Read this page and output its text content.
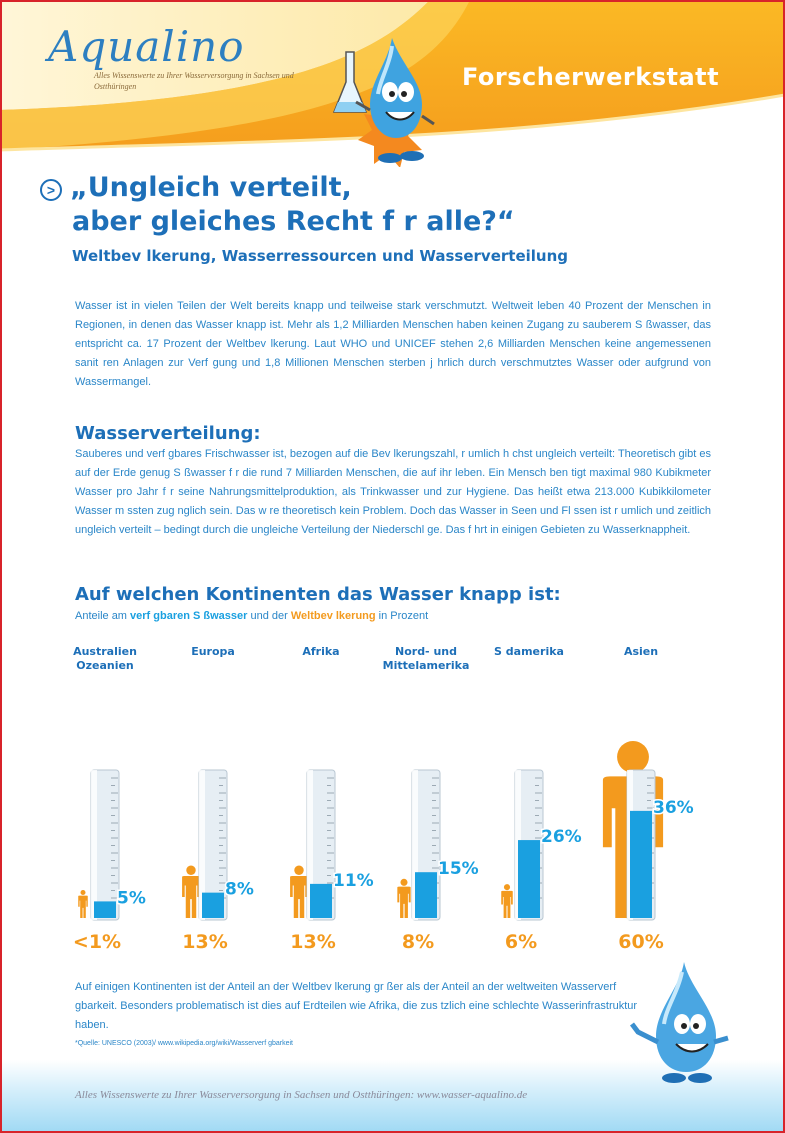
Aqualino
Alles Wissenswerte zu Ihrer Wasserversorgung in Sachsen und Ostthüringen	Forscherwerkstatt
> „Ungleich verteilt,
aber gleiches Recht f r alle?“
Weltbev lkerung, Wasserressourcen und Wasserverteilung
Wasser ist in vielen Teilen der Welt bereits knapp und teilweise stark verschmutzt. Weltweit leben 40 Prozent der Menschen in Regionen, in denen das Wasser knapp ist. Mehr als 1,2 Milliarden Menschen haben keinen Zugang zu sauberem S ßwasser, das entspricht ca. 17 Prozent der Weltbev lkerung. Laut WHO und UNICEF stehen 2,6 Milliarden Menschen keine angemessenen sanit ren Anlagen zur Verf gung und 1,8 Millionen Menschen sterben j hrlich durch verschmutztes Wasser oder aufgrund von Wassermangel.
Wasserverteilung:
Sauberes und verf gbares Frischwasser ist, bezogen auf die Bev lkerungszahl, r umlich h chst ungleich verteilt: Theoretisch gibt es auf der Erde genug S ßwasser f r die rund 7 Milliarden Menschen, die auf ihr leben. Ein Mensch ben tigt maximal 980 Kubikmeter Wasser pro Jahr f r seine Nahrungsmittelproduktion, als Trinkwasser und zur Hygiene. Das heißt etwa 213.000 Kubikkilometer Wasser m ssten zug nglich sein. Das w re theoretisch kein Problem. Doch das Wasser in Seen und Fl ssen ist r umlich und zeitlich ungleich verteilt – bedingt durch die ungleiche Verteilung der Niederschl ge. Das f hrt in einigen Gebieten zu Wasserknappheit.
Auf welchen Kontinenten das Wasser knapp ist:
Anteile am verf gbaren S ßwasser und der Weltbev lkerung in Prozent
Australien Ozeanien
Europa	Afrika	Nord- und Mittelamerika
S damerika	Asien
5%
<1%
8%
13%
11%
13%
15%
8%
26%
6%
36%
60%
Auf einigen Kontinenten ist der Anteil an der Weltbev lkerung gr ßer als der Anteil an der weltweiten Wasserverf gbarkeit. Besonders problematisch ist dies auf Erdteilen wie Afrika, die zus tzlich eine schlechte Wasserinfrastruktur haben.
*Quelle: UNESCO (2003)/ www.wikipedia.org/wiki/Wasserverf gbarkeit
Alles Wissenswerte zu Ihrer Wasserversorgung in Sachsen und Ostthüringen: www.wasser-aqualino.de
